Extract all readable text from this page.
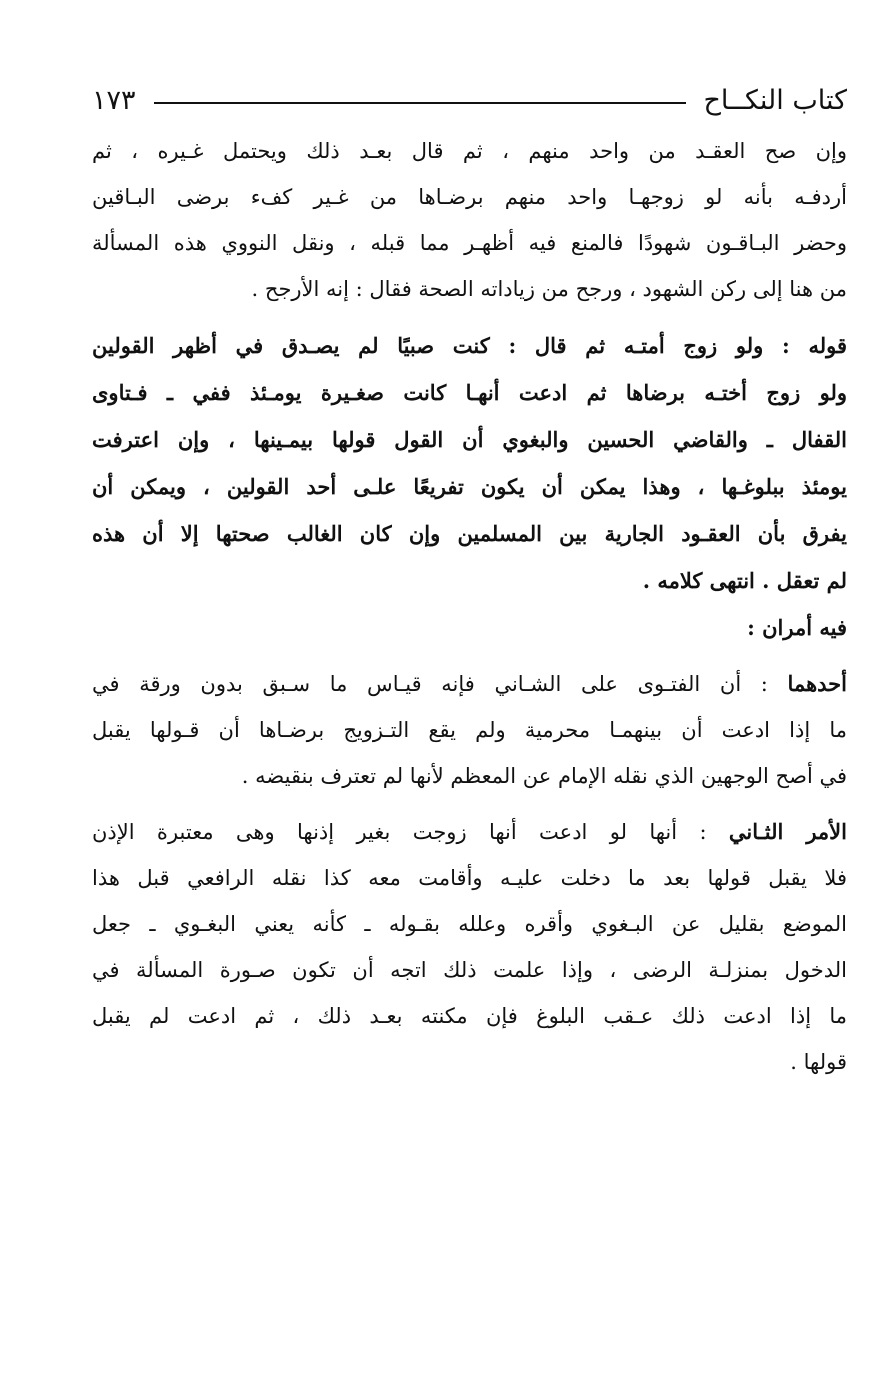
كتاب النكــاح
١٧٣
وإن صح العقـد من واحد منهم ، ثم قال بعـد ذلك ويحتمل غـيره ، ثم
أردفـه بأنه لو زوجهـا واحد منهم برضـاها من غـير كفء برضى البـاقين
وحضر البـاقـون شهودًا فالمنع فيه أظهـر مما قبله ، ونقل النووي هذه المسألة
من هنا إلى ركن الشهود ، ورجح من زياداته الصحة فقال : إنه الأرجح .
قوله : ولو زوج أمتـه ثم قال : كنت صبيًا لم يصـدق في أظهر القولين
ولو زوج أختـه برضاها ثم ادعت أنهـا كانت صغـيرة يومـئذ ففي ـ فـتاوى
القفال ـ والقاضي الحسين والبغوي أن القول قولها بيمـينها ، وإن اعترفت
يومئذ ببلوغـها ، وهذا يمكن أن يكون تفريعًا علـى أحد القولين ، ويمكن أن
يفرق بأن العقـود الجارية بين المسلمين وإن كان الغالب صحتها إلا أن هذه
لم تعقل . انتهى كلامه .
فيه أمران :
أحدهما : أن الفتـوى على الشـاني فإنه قيـاس ما سـبق بدون ورقة في
ما إذا ادعت أن بينهمـا محرمية ولم يقع التـزويج برضـاها أن قـولها يقبل
في أصح الوجهين الذي نقله الإمام عن المعظم لأنها لم تعترف بنقيضه .
الأمر الثـاني : أنها لو ادعت أنها زوجت بغير إذنها وهى معتبرة الإذن
فلا يقبل قولها بعد ما دخلت عليـه وأقامت معه كذا نقله الرافعي قبل هذا
الموضع بقليل عن البـغوي وأقره وعلله بقـوله ـ كأنه يعني البغـوي ـ جعل
الدخول بمنزلـة الرضى ، وإذا علمت ذلك اتجه أن تكون صـورة المسألة في
ما إذا ادعت ذلك عـقب البلوغ فإن مكنته بعـد ذلك ، ثم ادعت لم يقبل
قولها .
